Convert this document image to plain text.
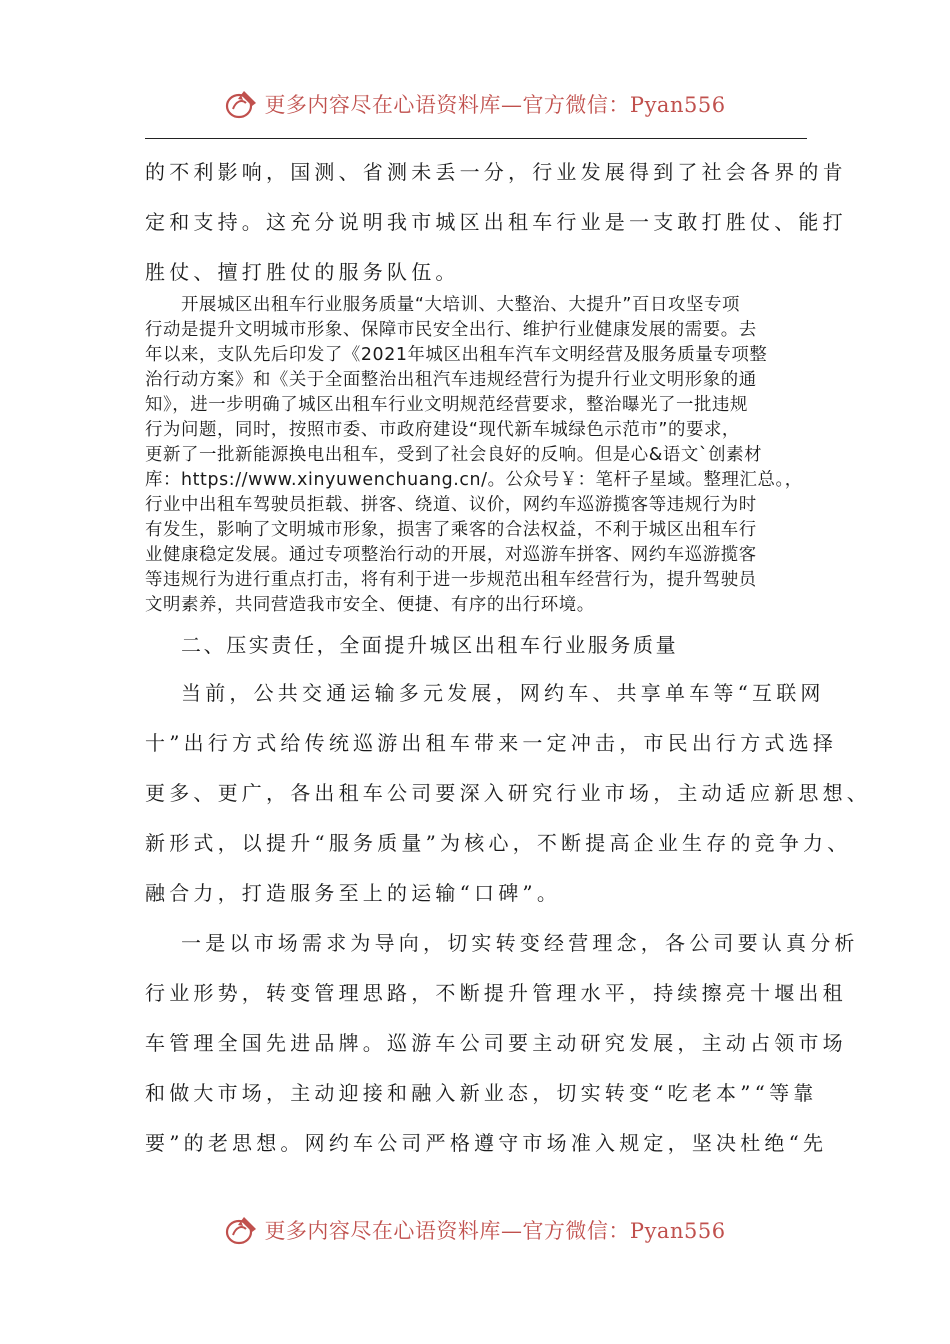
更多内容尽在心语资料库—官方微信：Pyan556

的不利影响，国测、省测未丢一分，行业发展得到了社会各界的肯

定和支持。这充分说明我市城区出租车行业是一支敢打胜仗、能打

胜仗、擅打胜仗的服务队伍。

开展城区出租车行业服务质量“大培训、大整治、大提升”百日攻坚专项

行动是提升文明城市形象、保障市民安全出行、维护行业健康发展的需要。去

年以来，支队先后印发了《2021年城区出租车汽车文明经营及服务质量专项整

治行动方案》和《关于全面整治出租汽车违规经营行为提升行业文明形象的通

知》，进一步明确了城区出租车行业文明规范经营要求，整治曝光了一批违规

行为问题，同时，按照市委、市政府建设“现代新车城绿色示范市”的要求，

更新了一批新能源换电出租车，受到了社会良好的反响。但是心&语文`创素材

库：https://www.xinyuwenchuang.cn/。公众号￥：笔杆子星域。整理汇总。，

行业中出租车驾驶员拒载、拼客、绕道、议价，网约车巡游揽客等违规行为时

有发生，影响了文明城市形象，损害了乘客的合法权益，不利于城区出租车行

业健康稳定发展。通过专项整治行动的开展，对巡游车拼客、网约车巡游揽客

等违规行为进行重点打击，将有利于进一步规范出租车经营行为，提升驾驶员

文明素养，共同营造我市安全、便捷、有序的出行环境。

二、压实责任，全面提升城区出租车行业服务质量

当前，公共交通运输多元发展，网约车、共享单车等“互联网

十”出行方式给传统巡游出租车带来一定冲击，市民出行方式选择

更多、更广，各出租车公司要深入研究行业市场，主动适应新思想、

新形式，以提升“服务质量”为核心，不断提高企业生存的竞争力、

融合力，打造服务至上的运输“口碑”。

一是以市场需求为导向，切实转变经营理念，各公司要认真分析

行业形势，转变管理思路，不断提升管理水平，持续擦亮十堰出租

车管理全国先进品牌。巡游车公司要主动研究发展，主动占领市场

和做大市场，主动迎接和融入新业态，切实转变“吃老本”“等靠

要”的老思想。网约车公司严格遵守市场准入规定，坚决杜绝“先

更多内容尽在心语资料库—官方微信：Pyan556
